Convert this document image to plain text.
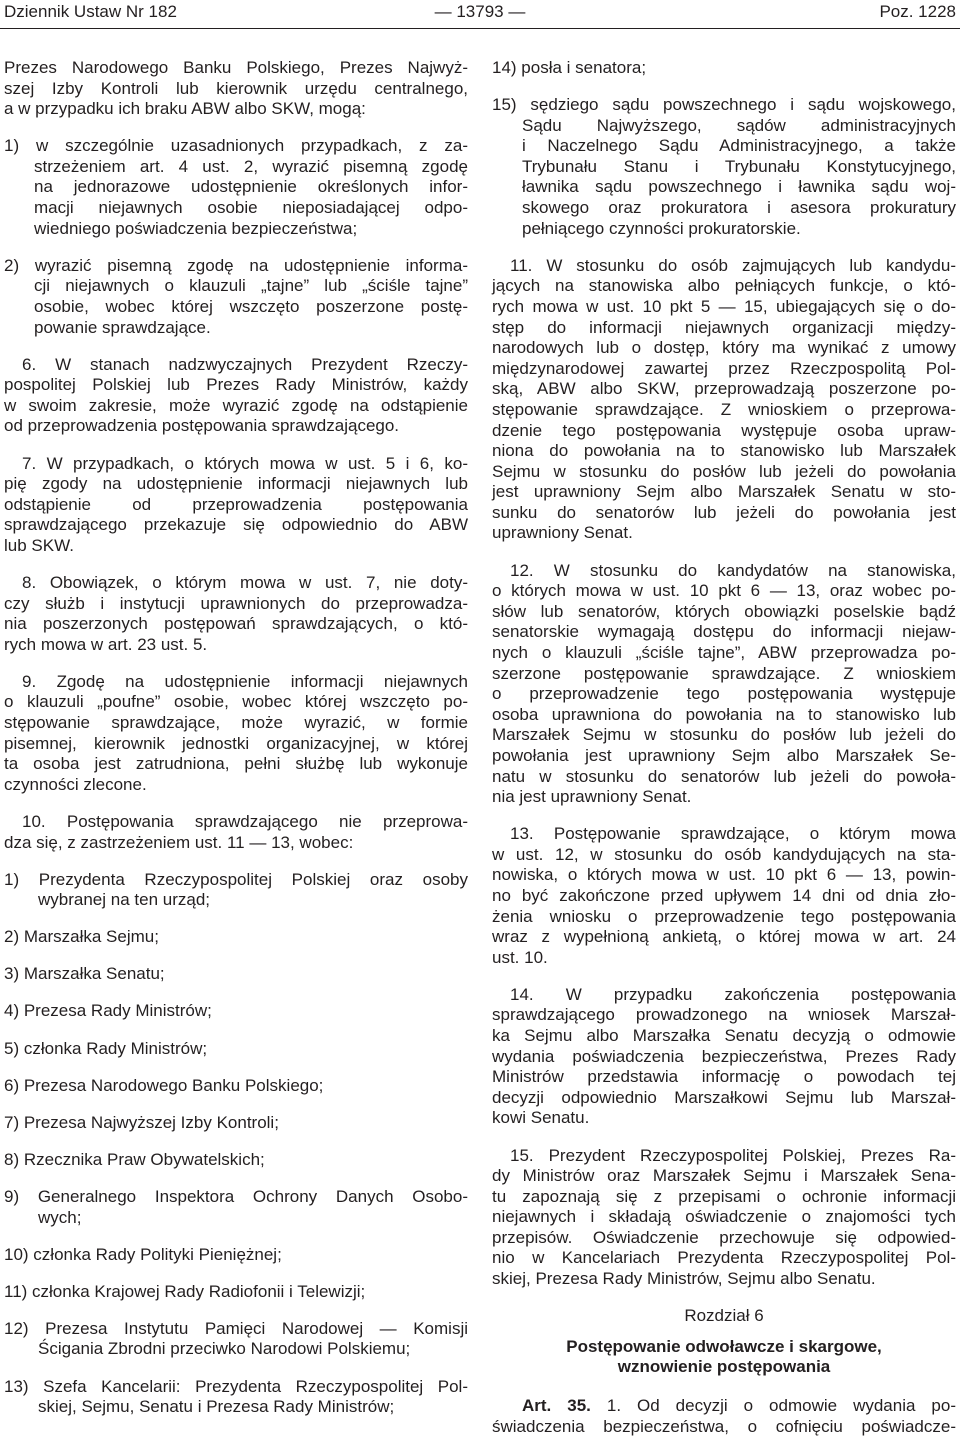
Dziennik Ustaw Nr 182	— 13793 —	Poz. 1228
Prezes Narodowego Banku Polskiego, Prezes Najwyż-
szej Izby Kontroli lub kierownik urzędu centralnego,
a w przypadku ich braku ABW albo SKW, mogą:
1) w szczególnie uzasadnionych przypadkach, z za-
strzeżeniem art. 4 ust. 2, wyrazić pisemną zgodę
na jednorazowe udostępnienie określonych infor-
macji niejawnych osobie nieposiadającej odpo-
wiedniego poświadczenia bezpieczeństwa;
2) wyrazić pisemną zgodę na udostępnienie informa-
cji niejawnych o klauzuli „tajne” lub „ściśle tajne”
osobie, wobec której wszczęto poszerzone postę-
powanie sprawdzające.
6. W stanach nadzwyczajnych Prezydent Rzeczy-
pospolitej Polskiej lub Prezes Rady Ministrów, każdy
w swoim zakresie, może wyrazić zgodę na odstąpienie
od przeprowadzenia postępowania sprawdzającego.
7. W przypadkach, o których mowa w ust. 5 i 6, ko-
pię zgody na udostępnienie informacji niejawnych lub
odstąpienie od przeprowadzenia postępowania
sprawdzającego przekazuje się odpowiednio do ABW
lub SKW.
8. Obowiązek, o którym mowa w ust. 7, nie doty-
czy służb i instytucji uprawnionych do przeprowadza-
nia poszerzonych postępowań sprawdzających, o któ-
rych mowa w art. 23 ust. 5.
9. Zgodę na udostępnienie informacji niejawnych
o klauzuli „poufne” osobie, wobec której wszczęto po-
stępowanie sprawdzające, może wyrazić, w formie
pisemnej, kierownik jednostki organizacyjnej, w której
ta osoba jest zatrudniona, pełni służbę lub wykonuje
czynności zlecone.
10. Postępowania sprawdzającego nie przeprowa-
dza się, z zastrzeżeniem ust. 11 — 13, wobec:
1) Prezydenta Rzeczypospolitej Polskiej oraz osoby
wybranej na ten urząd;
2) Marszałka Sejmu;
3) Marszałka Senatu;
4) Prezesa Rady Ministrów;
5) członka Rady Ministrów;
6) Prezesa Narodowego Banku Polskiego;
7) Prezesa Najwyższej Izby Kontroli;
8) Rzecznika Praw Obywatelskich;
9) Generalnego Inspektora Ochrony Danych Osobo-
wych;
10) członka Rady Polityki Pieniężnej;
11) członka Krajowej Rady Radiofonii i Telewizji;
12) Prezesa Instytutu Pamięci Narodowej — Komisji
Ścigania Zbrodni przeciwko Narodowi Polskiemu;
13) Szefa Kancelarii: Prezydenta Rzeczypospolitej Pol-
skiej, Sejmu, Senatu i Prezesa Rady Ministrów;
14) posła i senatora;
15) sędziego sądu powszechnego i sądu wojskowego,
Sądu Najwyższego, sądów administracyjnych
i Naczelnego Sądu Administracyjnego, a także
Trybunału Stanu i Trybunału Konstytucyjnego,
ławnika sądu powszechnego i ławnika sądu woj-
skowego oraz prokuratora i asesora prokuratury
pełniącego czynności prokuratorskie.
11. W stosunku do osób zajmujących lub kandydu-
jących na stanowiska albo pełniących funkcje, o któ-
rych mowa w ust. 10 pkt 5 — 15, ubiegających się o do-
stęp do informacji niejawnych organizacji między-
narodowych lub o dostęp, który ma wynikać z umowy
międzynarodowej zawartej przez Rzeczpospolitą Pol-
ską, ABW albo SKW, przeprowadzają poszerzone po-
stępowanie sprawdzające. Z wnioskiem o przeprowa-
dzenie tego postępowania występuje osoba upraw-
niona do powołania na to stanowisko lub Marszałek
Sejmu w stosunku do posłów lub jeżeli do powołania
jest uprawniony Sejm albo Marszałek Senatu w sto-
sunku do senatorów lub jeżeli do powołania jest
uprawniony Senat.
12. W stosunku do kandydatów na stanowiska,
o których mowa w ust. 10 pkt 6 — 13, oraz wobec po-
słów lub senatorów, których obowiązki poselskie bądź
senatorskie wymagają dostępu do informacji niejaw-
nych o klauzuli „ściśle tajne”, ABW przeprowadza po-
szerzone postępowanie sprawdzające. Z wnioskiem
o przeprowadzenie tego postępowania występuje
osoba uprawniona do powołania na to stanowisko lub
Marszałek Sejmu w stosunku do posłów lub jeżeli do
powołania jest uprawniony Sejm albo Marszałek Se-
natu w stosunku do senatorów lub jeżeli do powoła-
nia jest uprawniony Senat.
13. Postępowanie sprawdzające, o którym mowa
w ust. 12, w stosunku do osób kandydujących na sta-
nowiska, o których mowa w ust. 10 pkt 6 — 13, powin-
no być zakończone przed upływem 14 dni od dnia zło-
żenia wniosku o przeprowadzenie tego postępowania
wraz z wypełnioną ankietą, o której mowa w art. 24
ust. 10.
14. W przypadku zakończenia postępowania
sprawdzającego prowadzonego na wniosek Marszał-
ka Sejmu albo Marszałka Senatu decyzją o odmowie
wydania poświadczenia bezpieczeństwa, Prezes Rady
Ministrów przedstawia informację o powodach tej
decyzji odpowiednio Marszałkowi Sejmu lub Marszał-
kowi Senatu.
15. Prezydent Rzeczypospolitej Polskiej, Prezes Ra-
dy Ministrów oraz Marszałek Sejmu i Marszałek Sena-
tu zapoznają się z przepisami o ochronie informacji
niejawnych i składają oświadczenie o znajomości tych
przepisów. Oświadczenie przechowuje się odpowied-
nio w Kancelariach Prezydenta Rzeczypospolitej Pol-
skiej, Prezesa Rady Ministrów, Sejmu albo Senatu.
Rozdział 6
Postępowanie odwoławcze i skargowe,
wznowienie postępowania
Art. 35. 1. Od decyzji o odmowie wydania po-
świadczenia bezpieczeństwa, o cofnięciu poświadcze-
